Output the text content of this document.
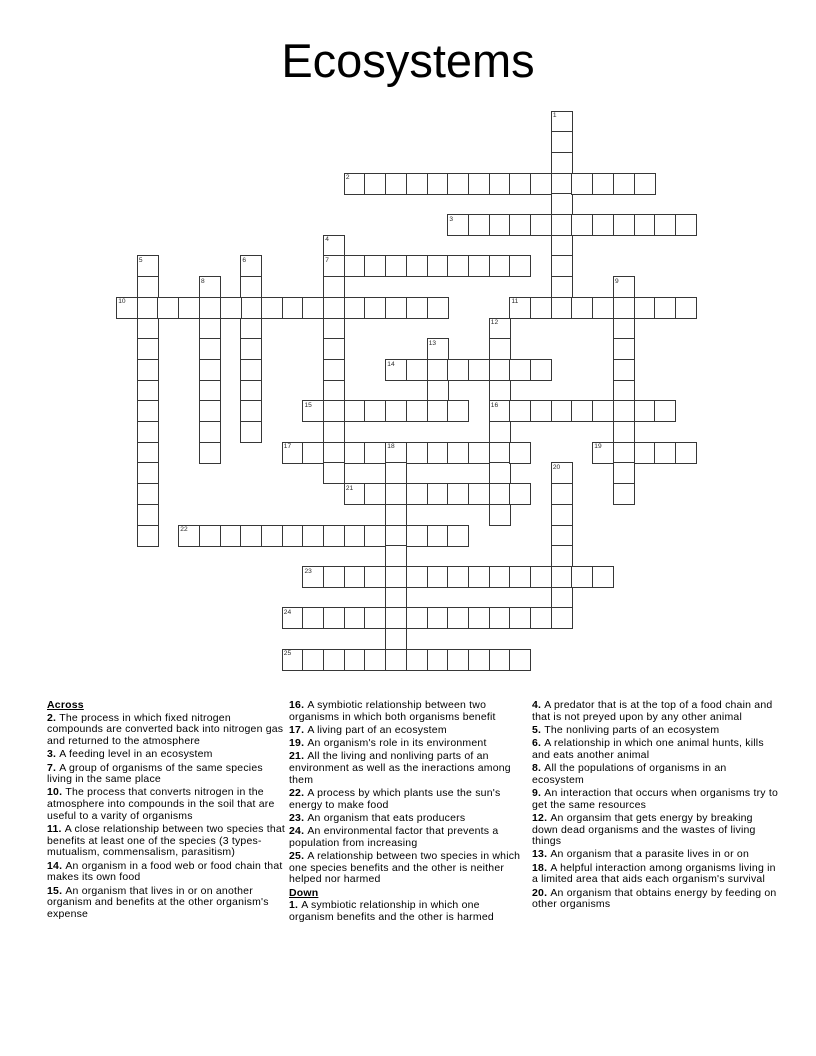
Ecosystems
1
2
3
4
5	6	7
8	9
10	11
12
13
14
15	16
17	18	19
20
21
22
23
24
25
Across

2. The process in which fixed nitrogen compounds are converted back into nitrogen gas and returned to the atmosphere

3. A feeding level in an ecosystem

7. A group of organisms of the same species living in the same place

10. The process that converts nitrogen in the atmosphere into compounds in the soil that are useful to a varity of organisms

11. A close relationship between two species that benefits at least one of the species (3 types-mutualism, commensalism, parasitism)

14. An organism in a food web or food chain that makes its own food

15. An organism that lives in or on another organism and benefits at the other organism's expense

16. A symbiotic relationship between two organisms in which both organisms benefit

17. A living part of an ecosystem

19. An organism's role in its environment

21. All the living and nonliving parts of an environment as well as the ineractions among them

22. A process by which plants use the sun's energy to make food

23. An organism that eats producers

24. An environmental factor that prevents a population from increasing

25. A relationship between two species in which one species benefits and the other is neither helped nor harmed

Down

1. A symbiotic relationship in which one organism benefits and the other is harmed

4. A predator that is at the top of a food chain and that is not preyed upon by any other animal

5. The nonliving parts of an ecosystem

6. A relationship in which one animal hunts, kills and eats another animal

8. All the populations of organisms in an ecosystem

9. An interaction that occurs when organisms try to get the same resources

12. An organsim that gets energy by breaking down dead organisms and the wastes of living things

13. An organism that a parasite lives in or on

18. A helpful interaction among organisms living in a limited area that aids each organism's survival

20. An organism that obtains energy by feeding on other organisms
